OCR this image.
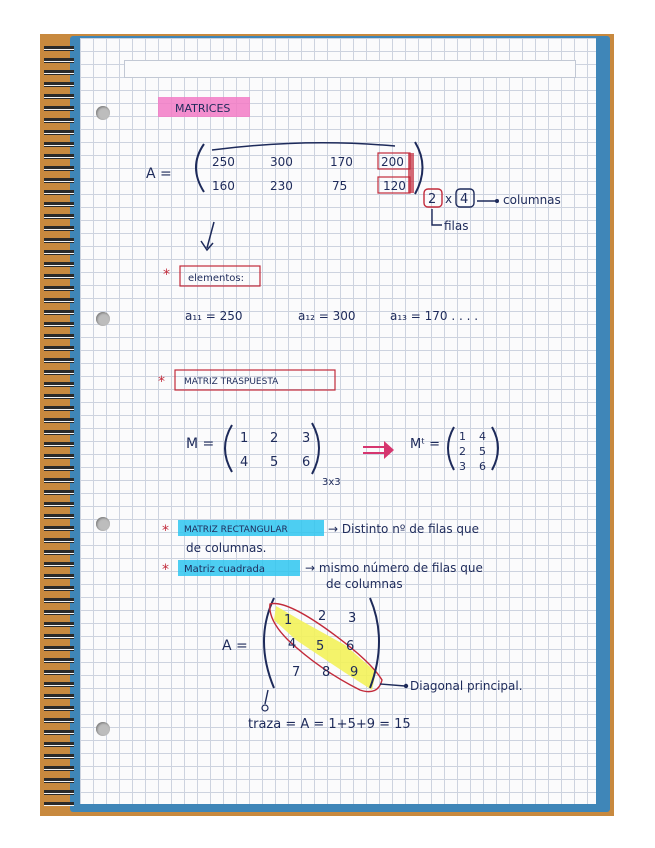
MATRICES
A =
250	300	170 200
160	230	75	120
2 x 4	columnas
filas
* elementos:
a₁₁ = 250	a₁₂ = 300	a₁₃ = 170 . . . .
* MATRIZ TRASPUESTA
M = 1 2 3
4 5 6
3x3
Mᵗ =
1 4
2 5
3 6
* MATRIZ RECTANGULAR	→ Distinto nº de filas que
de columnas.
* Matriz cuadrada	→ mismo número de filas que
de columnas
A =
1 2 3
4 5 6
7 8 9
Diagonal principal.
traza = A = 1+5+9 = 15
